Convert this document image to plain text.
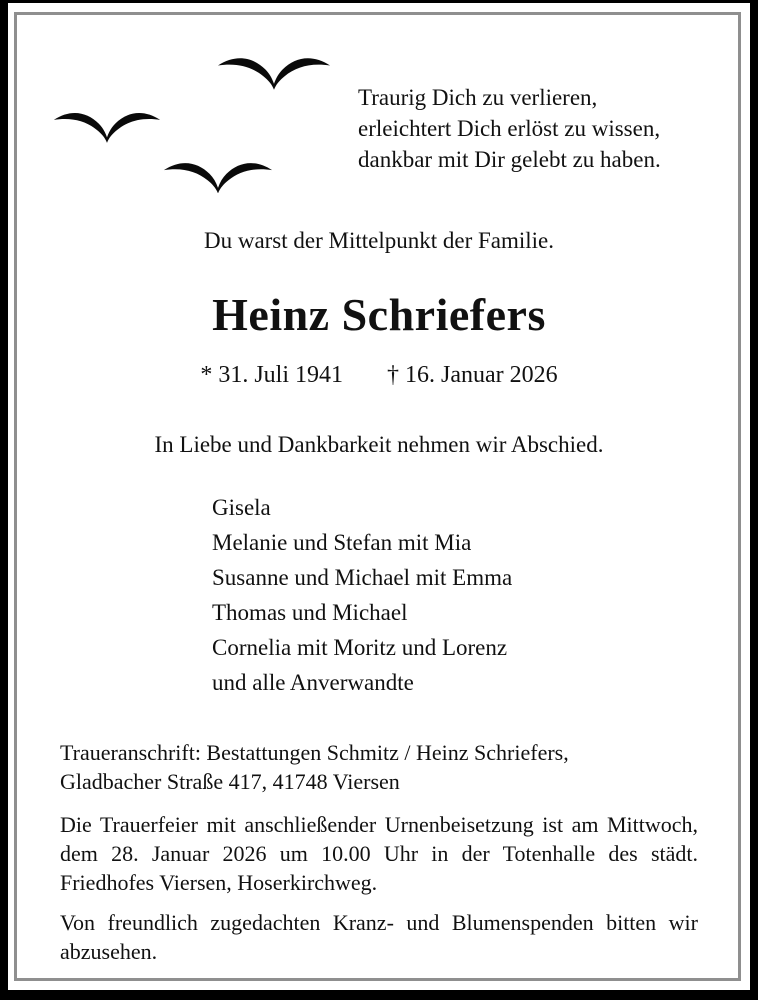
Traurig Dich zu verlieren,
erleichtert Dich erlöst zu wissen,
dankbar mit Dir gelebt zu haben.
Du warst der Mittelpunkt der Familie.
Heinz Schriefers
* 31. Juli 1941 † 16. Januar 2026
In Liebe und Dankbarkeit nehmen wir Abschied.
Gisela
Melanie und Stefan mit Mia
Susanne und Michael mit Emma
Thomas und Michael
Cornelia mit Moritz und Lorenz
und alle Anverwandte
Traueranschrift: Bestattungen Schmitz / Heinz Schriefers,
Gladbacher Straße 417, 41748 Viersen
Die Trauerfeier mit anschließender Urnenbeisetzung ist am Mittwoch, dem 28. Januar 2026 um 10.00 Uhr in der Totenhalle des städt. Friedhofes Viersen, Hoserkirchweg.
Von freundlich zugedachten Kranz- und Blumenspenden bitten wir abzusehen.
